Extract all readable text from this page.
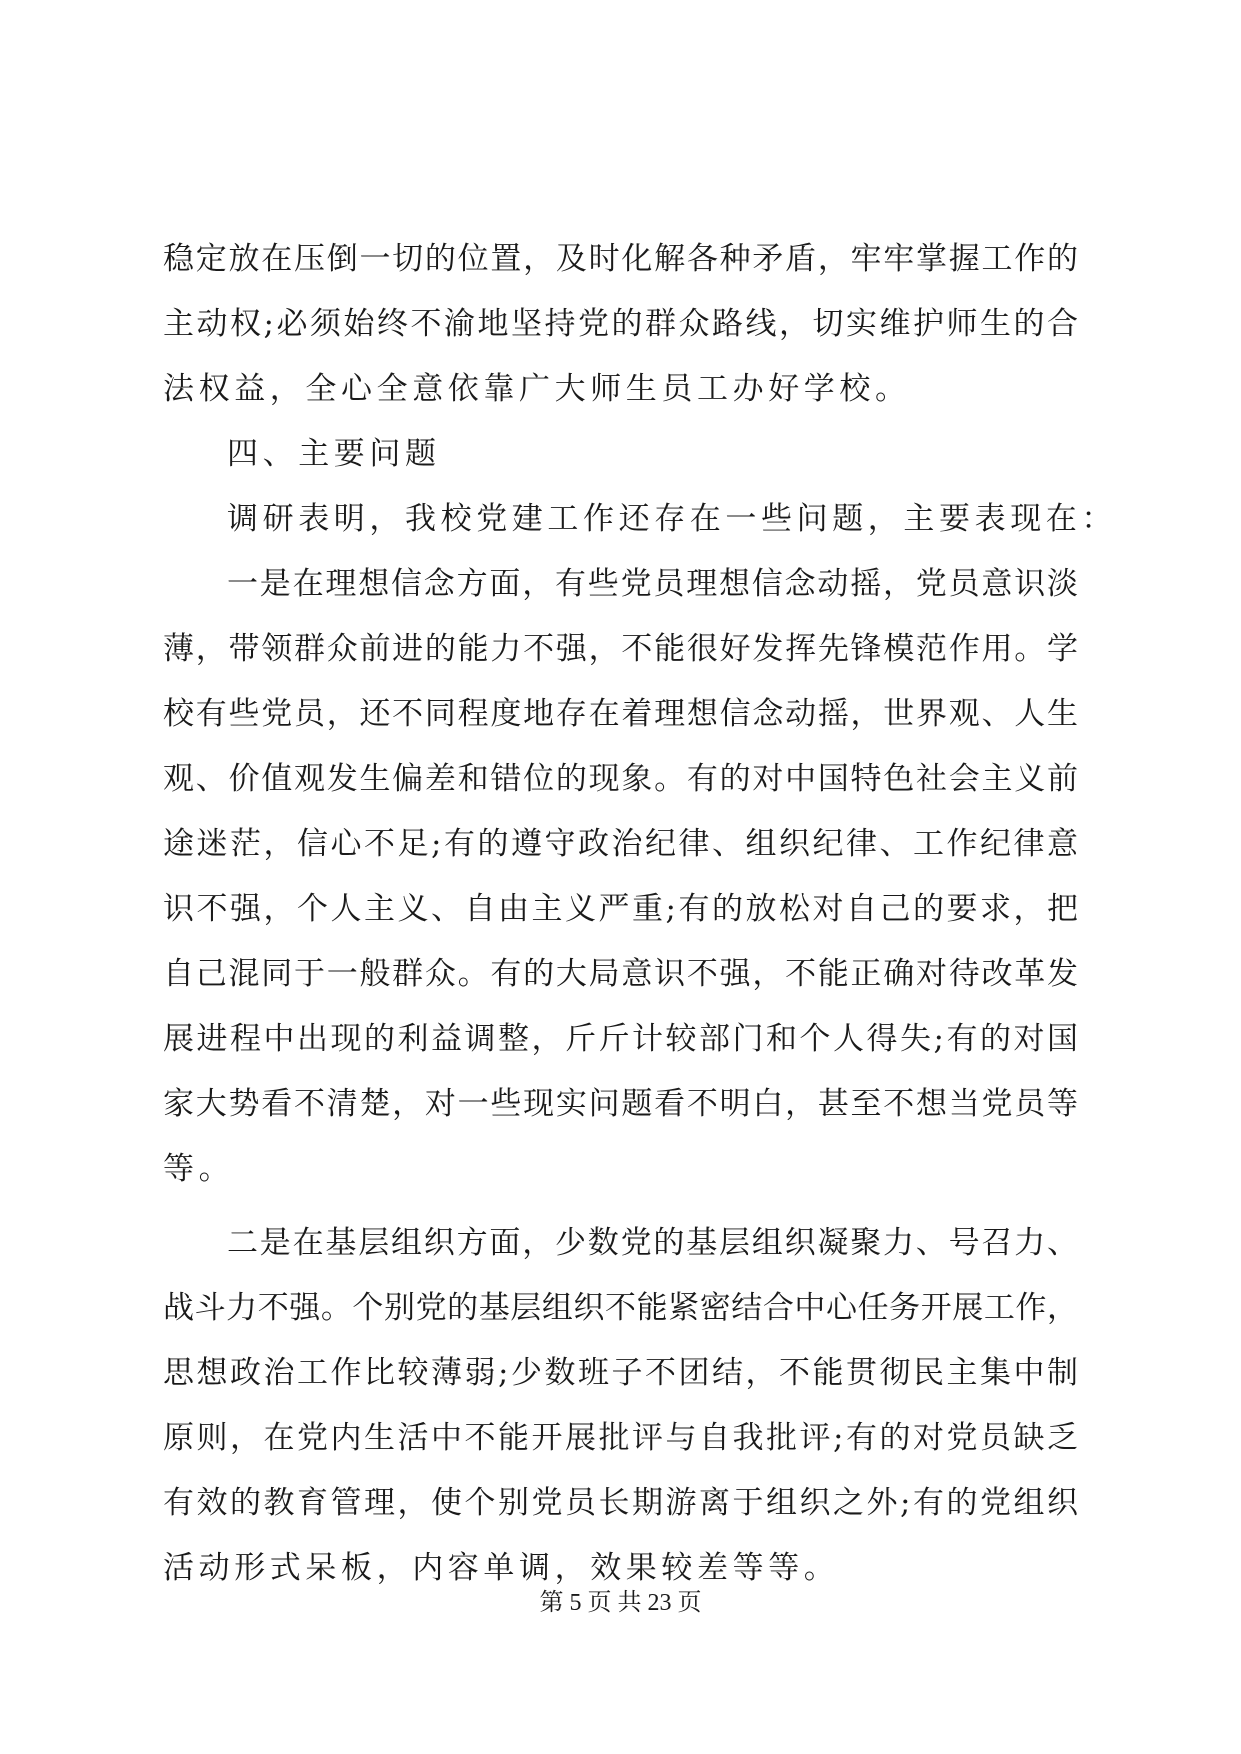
稳定放在压倒一切的位置，及时化解各种矛盾，牢牢掌握工作的
主动权;必须始终不渝地坚持党的群众路线，切实维护师生的合
法权益，全心全意依靠广大师生员工办好学校。
四、主要问题
调研表明，我校党建工作还存在一些问题，主要表现在：
一是在理想信念方面，有些党员理想信念动摇，党员意识淡
薄，带领群众前进的能力不强，不能很好发挥先锋模范作用。学
校有些党员，还不同程度地存在着理想信念动摇，世界观、人生
观、价值观发生偏差和错位的现象。有的对中国特色社会主义前
途迷茫，信心不足;有的遵守政治纪律、组织纪律、工作纪律意
识不强，个人主义、自由主义严重;有的放松对自己的要求，把
自己混同于一般群众。有的大局意识不强，不能正确对待改革发
展进程中出现的利益调整，斤斤计较部门和个人得失;有的对国
家大势看不清楚，对一些现实问题看不明白，甚至不想当党员等
等。
二是在基层组织方面，少数党的基层组织凝聚力、号召力、
战斗力不强。个别党的基层组织不能紧密结合中心任务开展工作，
思想政治工作比较薄弱;少数班子不团结，不能贯彻民主集中制
原则，在党内生活中不能开展批评与自我批评;有的对党员缺乏
有效的教育管理，使个别党员长期游离于组织之外;有的党组织
活动形式呆板，内容单调，效果较差等等。
第 5 页 共 23 页
